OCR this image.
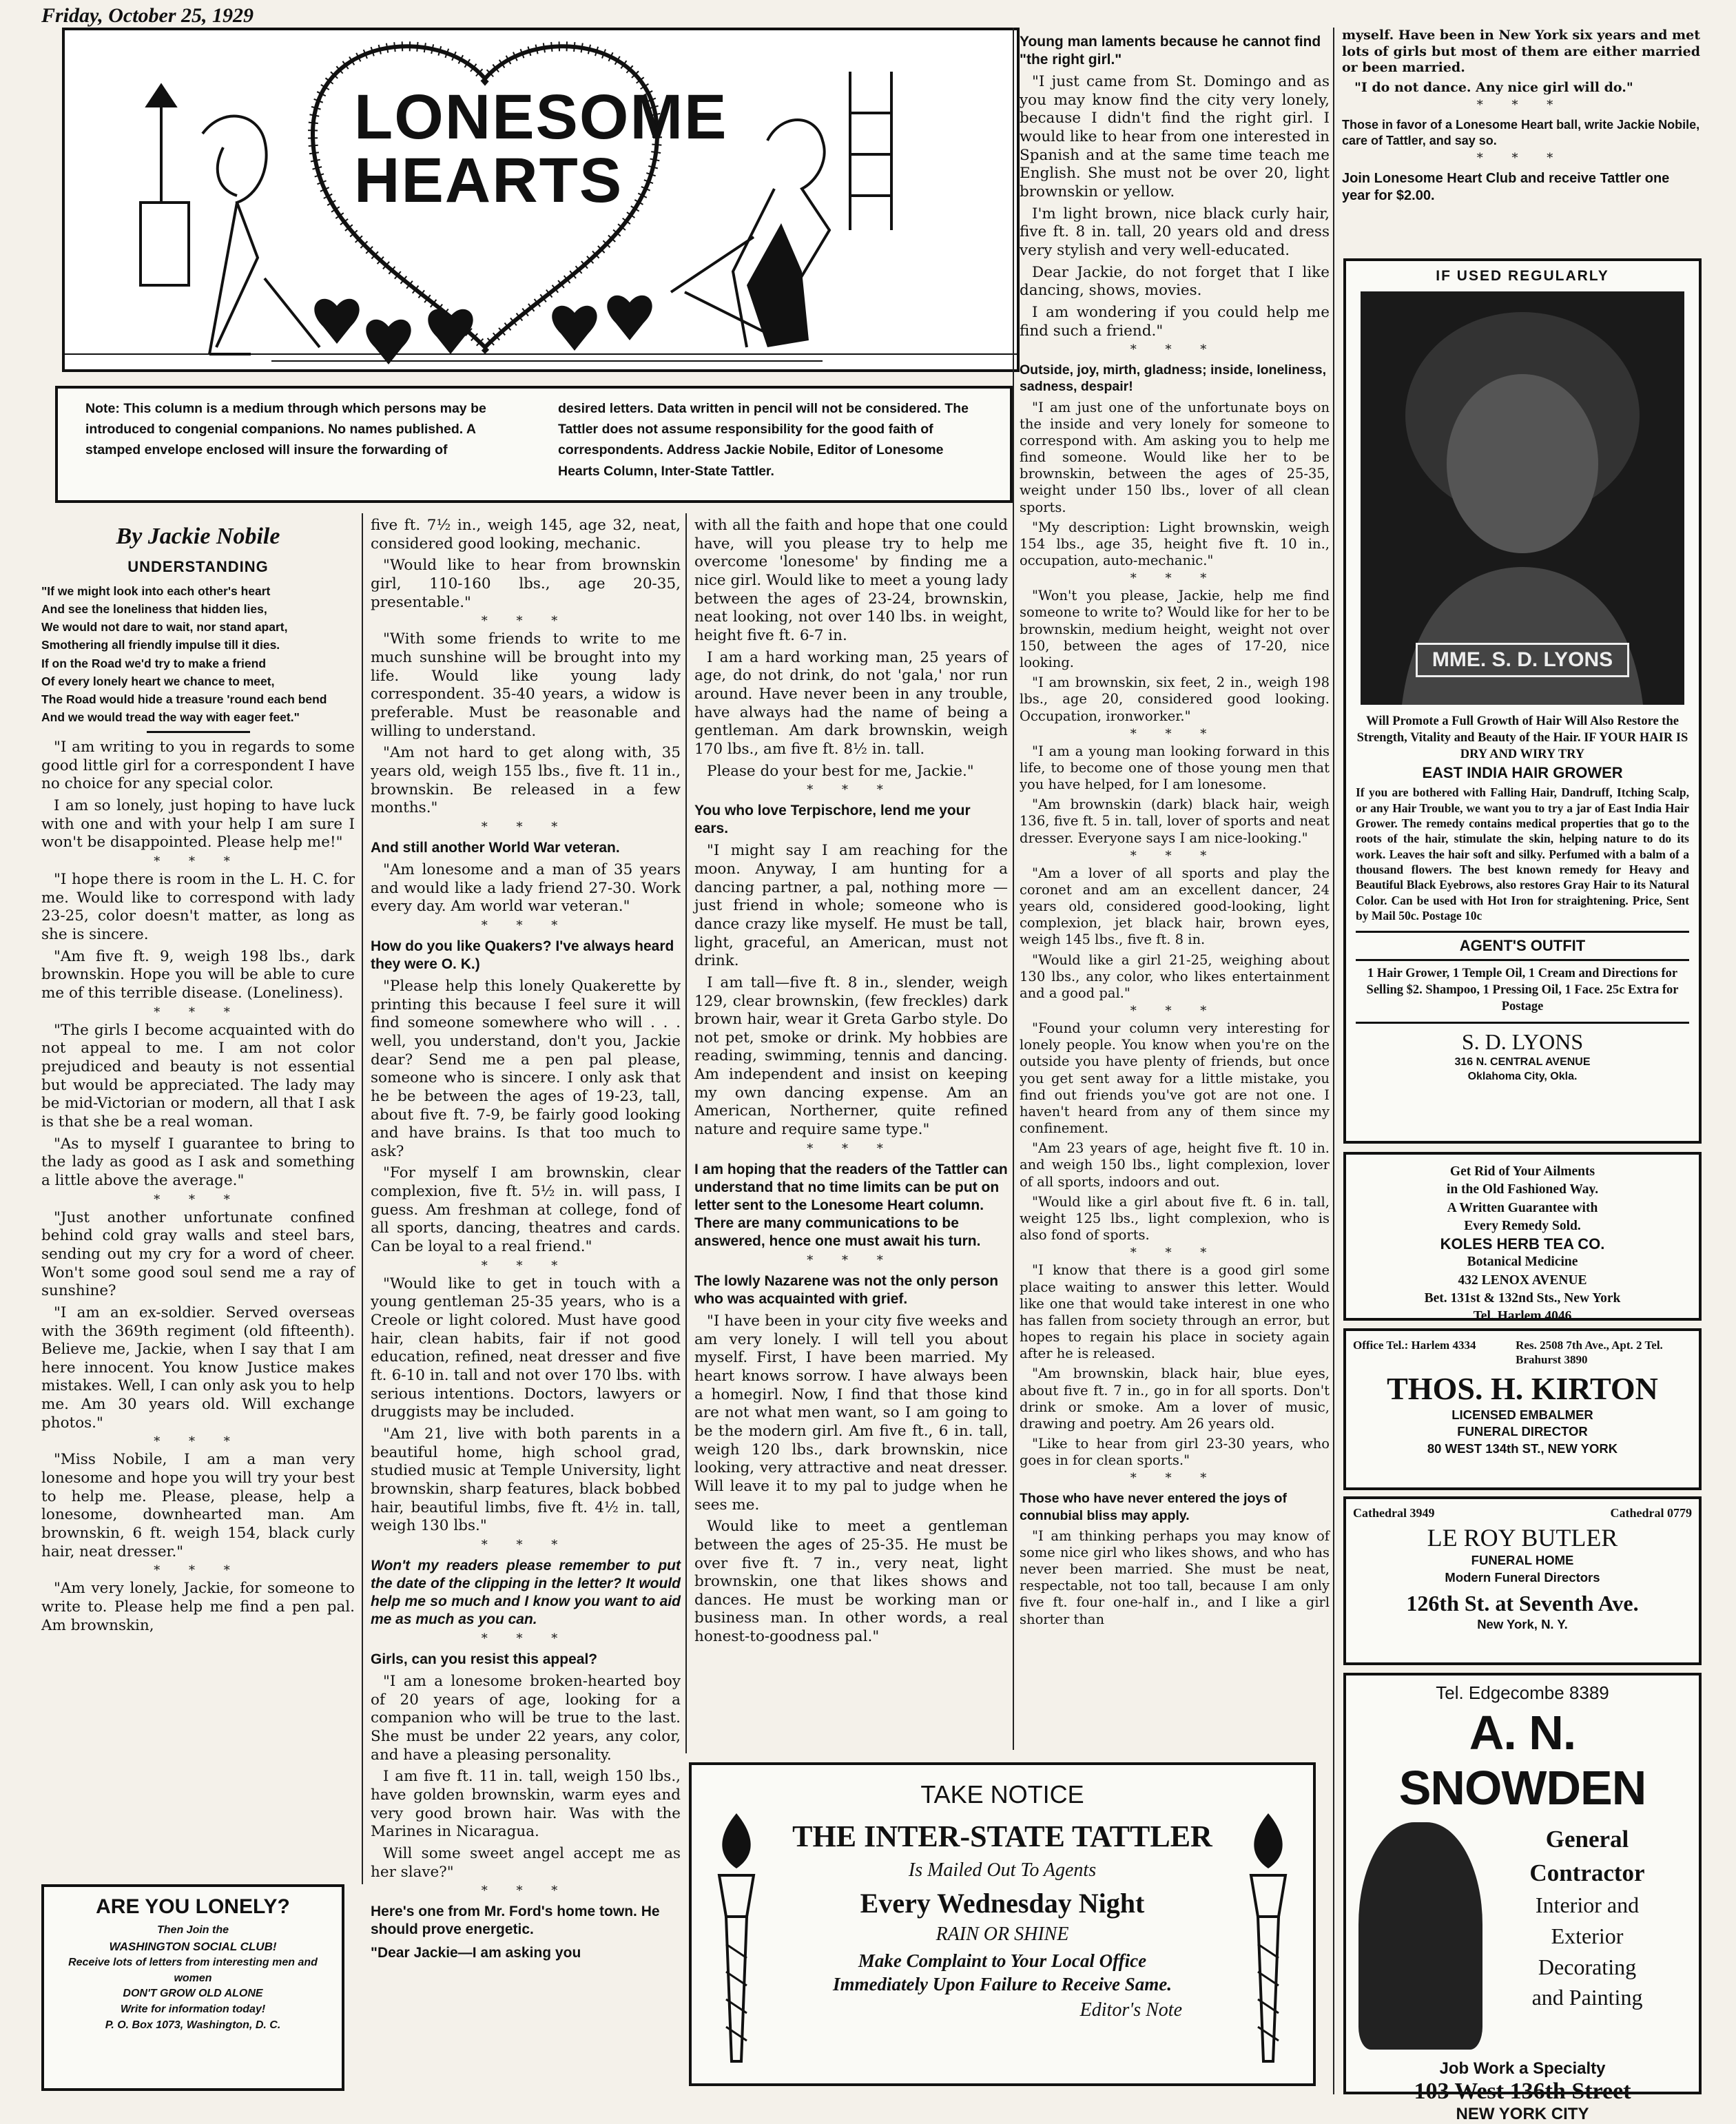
Friday, October 25, 1929
LONESOME
HEARTS

Note: This column is a medium through which persons may be introduced to congenial companions. No names published. A stamped envelope enclosed will insure the forwarding of

desired letters. Data written in pencil will not be considered. The Tattler does not assume responsibility for the good faith of correspondents. Address Jackie Nobile, Editor of Lonesome Hearts Column, Inter-State Tattler.

By Jackie Nobile
UNDERSTANDING
"If we might look into each other's heart
And see the loneliness that hidden lies,
We would not dare to wait, nor stand apart,
Smothering all friendly impulse till it dies.
If on the Road we'd try to make a friend
Of every lonely heart we chance to meet,
The Road would hide a treasure 'round each bend
And we would tread the way with eager feet."

"I am writing to you in regards to some good little girl for a correspondent I have no choice for any special color.

I am so lonely, just hoping to have luck with one and with your help I am sure I won't be disappointed. Please help me!"

* * *

"I hope there is room in the L. H. C. for me. Would like to correspond with lady 23-25, color doesn't matter, as long as she is sincere.

"Am five ft. 9, weigh 198 lbs., dark brownskin. Hope you will be able to cure me of this terrible disease. (Loneliness).

* * *

"The girls I become acquainted with do not appeal to me. I am not color prejudiced and beauty is not essential but would be appreciated. The lady may be mid-Victorian or modern, all that I ask is that she be a real woman.

"As to myself I guarantee to bring to the lady as good as I ask and something a little above the average."

* * *

"Just another unfortunate confined behind cold gray walls and steel bars, sending out my cry for a word of cheer. Won't some good soul send me a ray of sunshine?

"I am an ex-soldier. Served overseas with the 369th regiment (old fifteenth). Believe me, Jackie, when I say that I am here innocent. You know Justice makes mistakes. Well, I can only ask you to help me. Am 30 years old. Will exchange photos."

* * *

"Miss Nobile, I am a man very lonesome and hope you will try your best to help me. Please, please, help a lonesome, downhearted man. Am brownskin, 6 ft. weigh 154, black curly hair, neat dresser."

* * *

"Am very lonely, Jackie, for someone to write to. Please help me find a pen pal. Am brownskin,

five ft. 7½ in., weigh 145, age 32, neat, considered good looking, mechanic.

"Would like to hear from brownskin girl, 110-160 lbs., age 20-35, presentable."

* * *

"With some friends to write to me much sunshine will be brought into my life. Would like young lady correspondent. 35-40 years, a widow is preferable. Must be reasonable and willing to understand.

"Am not hard to get along with, 35 years old, weigh 155 lbs., five ft. 11 in., brownskin. Be released in a few months."

* * *

And still another World War veteran.

"Am lonesome and a man of 35 years and would like a lady friend 27-30. Work every day. Am world war veteran."

* * *

How do you like Quakers? I've always heard they were O. K.)

"Please help this lonely Quakerette by printing this because I feel sure it will find someone somewhere who will . . . well, you understand, don't you, Jackie dear? Send me a pen pal please, someone who is sincere. I only ask that he be between the ages of 19-23, tall, about five ft. 7-9, be fairly good looking and have brains. Is that too much to ask?

"For myself I am brownskin, clear complexion, five ft. 5½ in. will pass, I guess. Am freshman at college, fond of all sports, dancing, theatres and cards. Can be loyal to a real friend."

* * *

"Would like to get in touch with a young gentleman 25-35 years, who is a Creole or light colored. Must have good hair, clean habits, fair if not good education, refined, neat dresser and five ft. 6-10 in. tall and not over 170 lbs. with serious intentions. Doctors, lawyers or druggists may be included.

"Am 21, live with both parents in a beautiful home, high school grad, studied music at Temple University, light brownskin, sharp features, black bobbed hair, beautiful limbs, five ft. 4½ in. tall, weigh 130 lbs."

* * *

Won't my readers please remember to put the date of the clipping in the letter? It would help me so much and I know you want to aid me as much as you can.

* * *

Girls, can you resist this appeal?

"I am a lonesome broken-hearted boy of 20 years of age, looking for a companion who will be true to the last. She must be under 22 years, any color, and have a pleasing personality.

I am five ft. 11 in. tall, weigh 150 lbs., have golden brownskin, warm eyes and very good brown hair. Was with the Marines in Nicaragua.

Will some sweet angel accept me as her slave?"

* * *

Here's one from Mr. Ford's home town. He should prove energetic.

"Dear Jackie—I am asking you

with all the faith and hope that one could have, will you please try to help me overcome 'lonesome' by finding me a nice girl. Would like to meet a young lady between the ages of 23-24, brownskin, neat looking, not over 140 lbs. in weight, height five ft. 6-7 in.

I am a hard working man, 25 years of age, do not drink, do not 'gala,' nor run around. Have never been in any trouble, have always had the name of being a gentleman. Am dark brownskin, weigh 170 lbs., am five ft. 8½ in. tall.

Please do your best for me, Jackie."

* * *

You who love Terpischore, lend me your ears.

"I might say I am reaching for the moon. Anyway, I am hunting for a dancing partner, a pal, nothing more — just friend in whole; someone who is dance crazy like myself. He must be tall, light, graceful, an American, must not drink.

I am tall—five ft. 8 in., slender, weigh 129, clear brownskin, (few freckles) dark brown hair, wear it Greta Garbo style. Do not pet, smoke or drink. My hobbies are reading, swimming, tennis and dancing. Am independent and insist on keeping my own dancing expense. Am an American, Northerner, quite refined nature and require same type."

* * *

I am hoping that the readers of the Tattler can understand that no time limits can be put on letter sent to the Lonesome Heart column. There are many communications to be answered, hence one must await his turn.

* * *

The lowly Nazarene was not the only person who was acquainted with grief.

"I have been in your city five weeks and am very lonely. I will tell you about myself. First, I have been married. My heart knows sorrow. I have always been a homegirl. Now, I find that those kind are not what men want, so I am going to be the modern girl. Am five ft., 6 in. tall, weigh 120 lbs., dark brownskin, nice looking, very attractive and neat dresser. Will leave it to my pal to judge when he sees me.

Would like to meet a gentleman between the ages of 25-35. He must be over five ft. 7 in., very neat, light brownskin, one that likes shows and dances. He must be working man or business man. In other words, a real honest-to-goodness pal."

Young man laments because he cannot find "the right girl."

"I just came from St. Domingo and as you may know find the city very lonely, because I didn't find the right girl. I would like to hear from one interested in Spanish and at the same time teach me English. She must not be over 20, light brownskin or yellow.

I'm light brown, nice black curly hair, five ft. 8 in. tall, 20 years old and dress very stylish and very well-educated.

Dear Jackie, do not forget that I like dancing, shows, movies.

I am wondering if you could help me find such a friend."

* * *

Outside, joy, mirth, gladness; inside, loneliness, sadness, despair!

"I am just one of the unfortunate boys on the inside and very lonely for someone to correspond with. Am asking you to help me find someone. Would like her to be brownskin, between the ages of 25-35, weight under 150 lbs., lover of all clean sports.

"My description: Light brownskin, weigh 154 lbs., age 35, height five ft. 10 in., occupation, auto-mechanic."

* * *

"Won't you please, Jackie, help me find someone to write to? Would like for her to be brownskin, medium height, weight not over 150, between the ages of 17-20, nice looking.

"I am brownskin, six feet, 2 in., weigh 198 lbs., age 20, considered good looking. Occupation, ironworker."

* * *

"I am a young man looking forward in this life, to become one of those young men that you have helped, for I am lonesome.

"Am brownskin (dark) black hair, weigh 136, five ft. 5 in. tall, lover of sports and neat dresser. Everyone says I am nice-looking."

* * *

"Am a lover of all sports and play the coronet and am an excellent dancer, 24 years old, considered good-looking, light complexion, jet black hair, brown eyes, weigh 145 lbs., five ft. 8 in.

"Would like a girl 21-25, weighing about 130 lbs., any color, who likes entertainment and a good pal."

* * *

"Found your column very interesting for lonely people. You know when you're on the outside you have plenty of friends, but once you get sent away for a little mistake, you find out friends you've got are not one. I haven't heard from any of them since my confinement.

"Am 23 years of age, height five ft. 10 in. and weigh 150 lbs., light complexion, lover of all sports, indoors and out.

"Would like a girl about five ft. 6 in. tall, weight 125 lbs., light complexion, who is also fond of sports.

* * *

"I know that there is a good girl some place waiting to answer this letter. Would like one that would take interest in one who has fallen from society through an error, but hopes to regain his place in society again after he is released.

"Am brownskin, black hair, blue eyes, about five ft. 7 in., go in for all sports. Don't drink or smoke. Am a lover of music, drawing and poetry. Am 26 years old.

"Like to hear from girl 23-30 years, who goes in for clean sports."

* * *

Those who have never entered the joys of connubial bliss may apply.

"I am thinking perhaps you may know of some nice girl who likes shows, and who has never been married. She must be neat, respectable, not too tall, because I am only five ft. four one-half in., and I like a girl shorter than

myself. Have been in New York six years and met lots of girls but most of them are either married or been married.

"I do not dance. Any nice girl will do."

* * *

Those in favor of a Lonesome Heart ball, write Jackie Nobile, care of Tattler, and say so.

* * *

Join Lonesome Heart Club and receive Tattler one year for $2.00.

ARE YOU LONELY?
Then Join the
WASHINGTON SOCIAL CLUB!
Receive lots of letters from interesting men and women
DON'T GROW OLD ALONE
Write for information today!
P. O. Box 1073, Washington, D. C.
TAKE NOTICE
THE INTER-STATE TATTLER
Is Mailed Out To Agents
Every Wednesday Night
RAIN OR SHINE
Make Complaint to Your Local Office Immediately Upon Failure to Receive Same.
Editor's Note
IF USED REGULARLY
MME. S. D. LYONS
Will Promote a Full Growth of Hair Will Also Restore the Strength, Vitality and Beauty of the Hair. IF YOUR HAIR IS DRY AND WIRY TRY
EAST INDIA HAIR GROWER
If you are bothered with Falling Hair, Dandruff, Itching Scalp, or any Hair Trouble, we want you to try a jar of East India Hair Grower. The remedy contains medical properties that go to the roots of the hair, stimulate the skin, helping nature to do its work. Leaves the hair soft and silky. Perfumed with a balm of a thousand flowers. The best known remedy for Heavy and Beautiful Black Eyebrows, also restores Gray Hair to its Natural Color. Can be used with Hot Iron for straightening. Price, Sent by Mail 50c. Postage 10c
AGENT'S OUTFIT
1 Hair Grower, 1 Temple Oil, 1 Cream and Directions for Selling $2. Shampoo, 1 Pressing Oil, 1 Face. 25c Extra for Postage
S. D. LYONS
316 N. CENTRAL AVENUE
Oklahoma City, Okla.
Get Rid of Your Ailments
in the Old Fashioned Way.
A Written Guarantee with
Every Remedy Sold.
KOLES HERB TEA CO.
Botanical Medicine
432 LENOX AVENUE
Bet. 131st & 132nd Sts., New York
Tel. Harlem 4046
Office Tel.: Harlem 4334	Res. 2508 7th Ave., Apt. 2 Tel. Brahurst 3890
THOS. H. KIRTON
LICENSED EMBALMER
FUNERAL DIRECTOR
80 WEST 134th ST., NEW YORK
Cathedral 3949	Cathedral 0779
LE ROY BUTLER
FUNERAL HOME
Modern Funeral Directors
126th St. at Seventh Ave.
New York, N. Y.
Tel. Edgecombe 8389
A. N. SNOWDEN
General
Contractor
Interior and
Exterior
Decorating
and Painting
Job Work a Specialty
103 West 136th Street
NEW YORK CITY
